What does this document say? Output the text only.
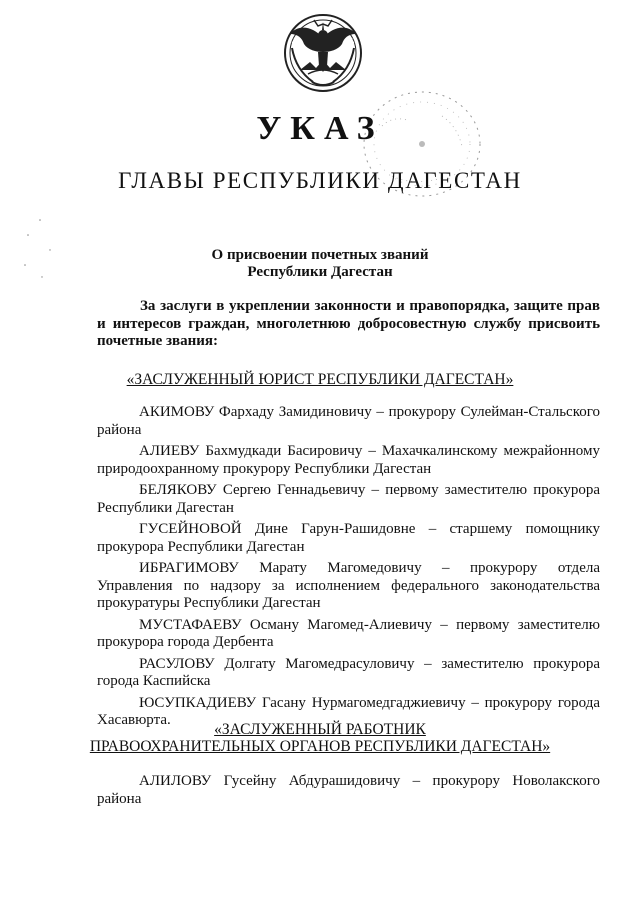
УКАЗ
ГЛАВЫ РЕСПУБЛИКИ ДАГЕСТАН
О присвоении почетных званий
Республики Дагестан
За заслуги в укреплении законности и правопорядка, защите прав
и интересов граждан, многолетнюю добросовестную службу присвоить
почетные звания:
«ЗАСЛУЖЕННЫЙ ЮРИСТ РЕСПУБЛИКИ ДАГЕСТАН»
АКИМОВУ Фархаду Замидиновичу – прокурору Сулейман-Стальского
района
АЛИЕВУ Бахмудкади Басировичу – Махачкалинскому межрайонному
природоохранному прокурору Республики Дагестан
БЕЛЯКОВУ Сергею Геннадьевичу – первому заместителю прокурора
Республики Дагестан
ГУСЕЙНОВОЙ Дине Гарун-Рашидовне – старшему помощнику
прокурора Республики Дагестан
ИБРАГИМОВУ Марату Магомедовичу – прокурору отдела
Управления по надзору за исполнением федерального законодательства
прокуратуры Республики Дагестан
МУСТАФАЕВУ Осману Магомед-Алиевичу – первому заместителю
прокурора города Дербента
РАСУЛОВУ Долгату Магомедрасуловичу – заместителю прокурора
города Каспийска
ЮСУПКАДИЕВУ Гасану Нурмагомедгаджиевичу – прокурору города
Хасавюрта.
«ЗАСЛУЖЕННЫЙ РАБОТНИК
ПРАВООХРАНИТЕЛЬНЫХ ОРГАНОВ РЕСПУБЛИКИ ДАГЕСТАН»
АЛИЛОВУ Гусейну Абдурашидовичу – прокурору Новолакского
района
